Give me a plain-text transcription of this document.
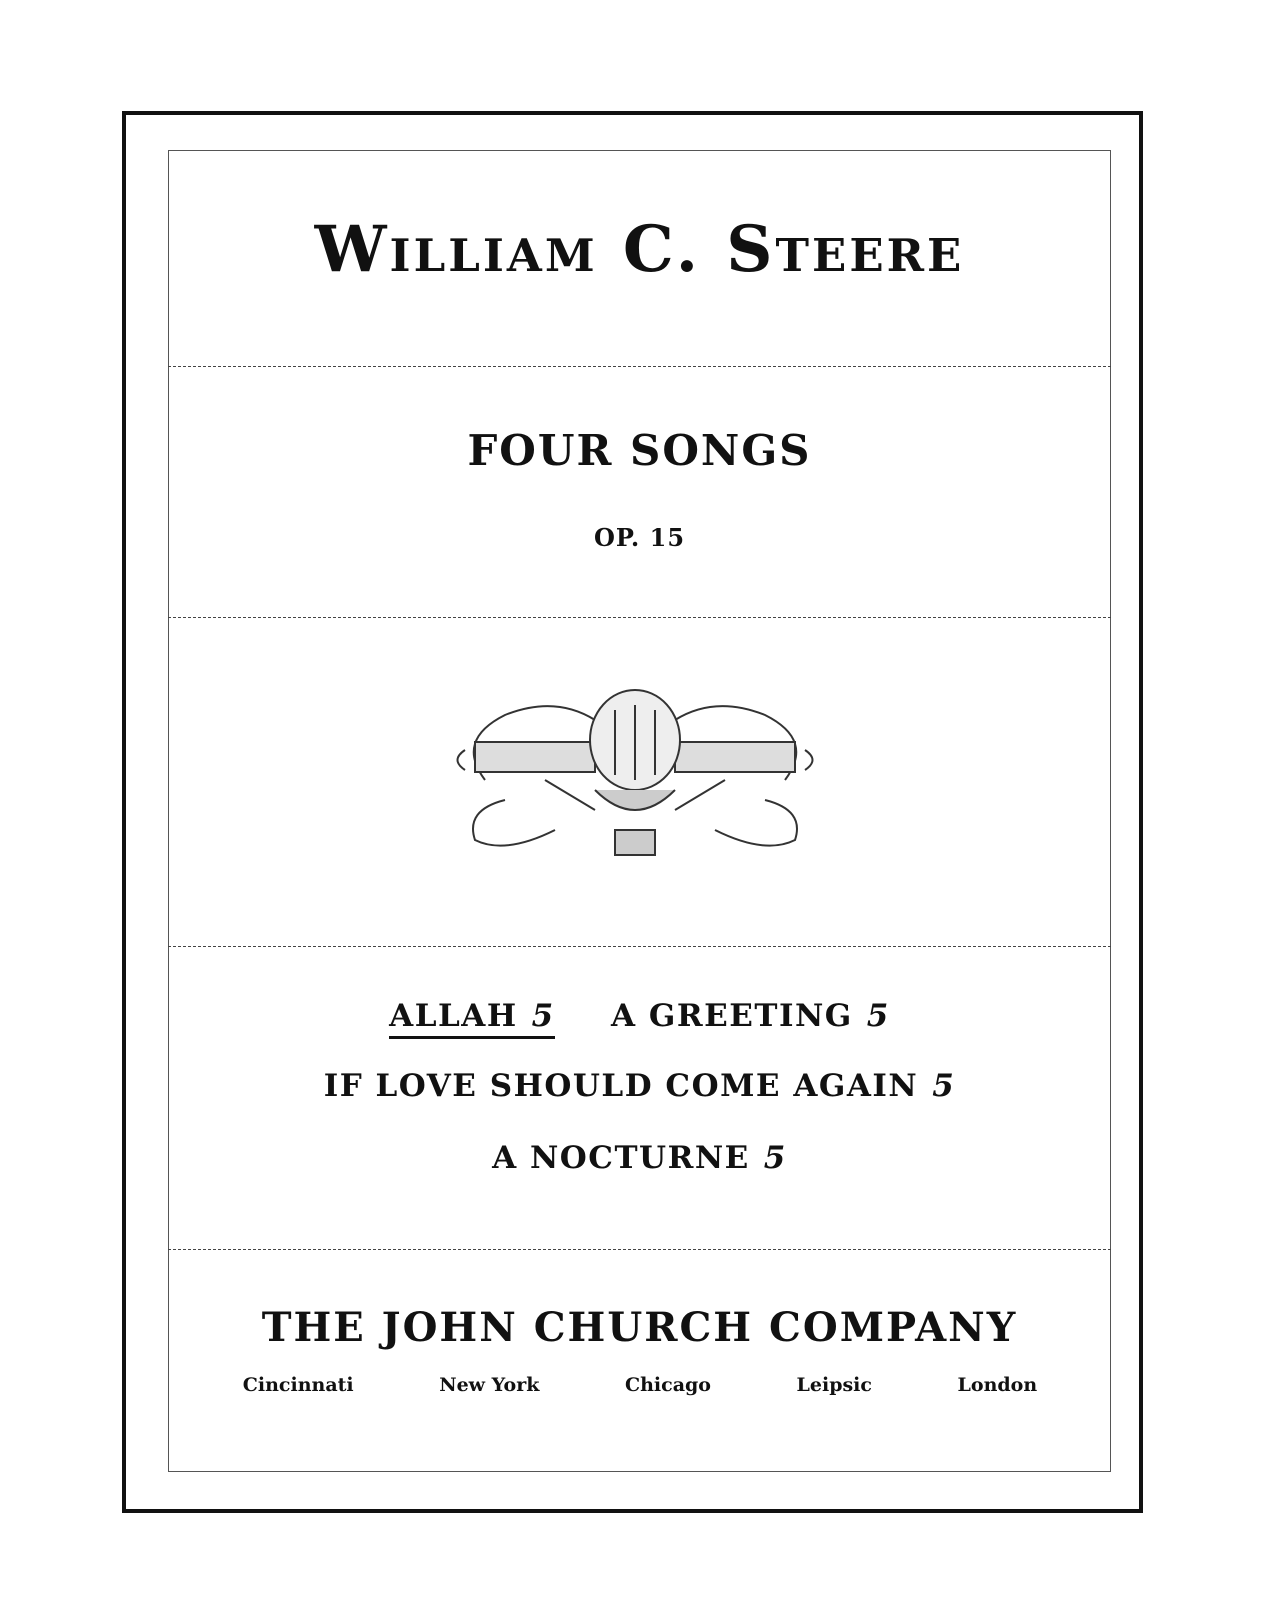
William C. Steere
FOUR SONGS
OP. 15
ALLAH 5 A GREETING 5
IF LOVE SHOULD COME AGAIN 5
A NOCTURNE 5
THE JOHN CHURCH COMPANY
Cincinnati	New York	Chicago	Leipsic	London
